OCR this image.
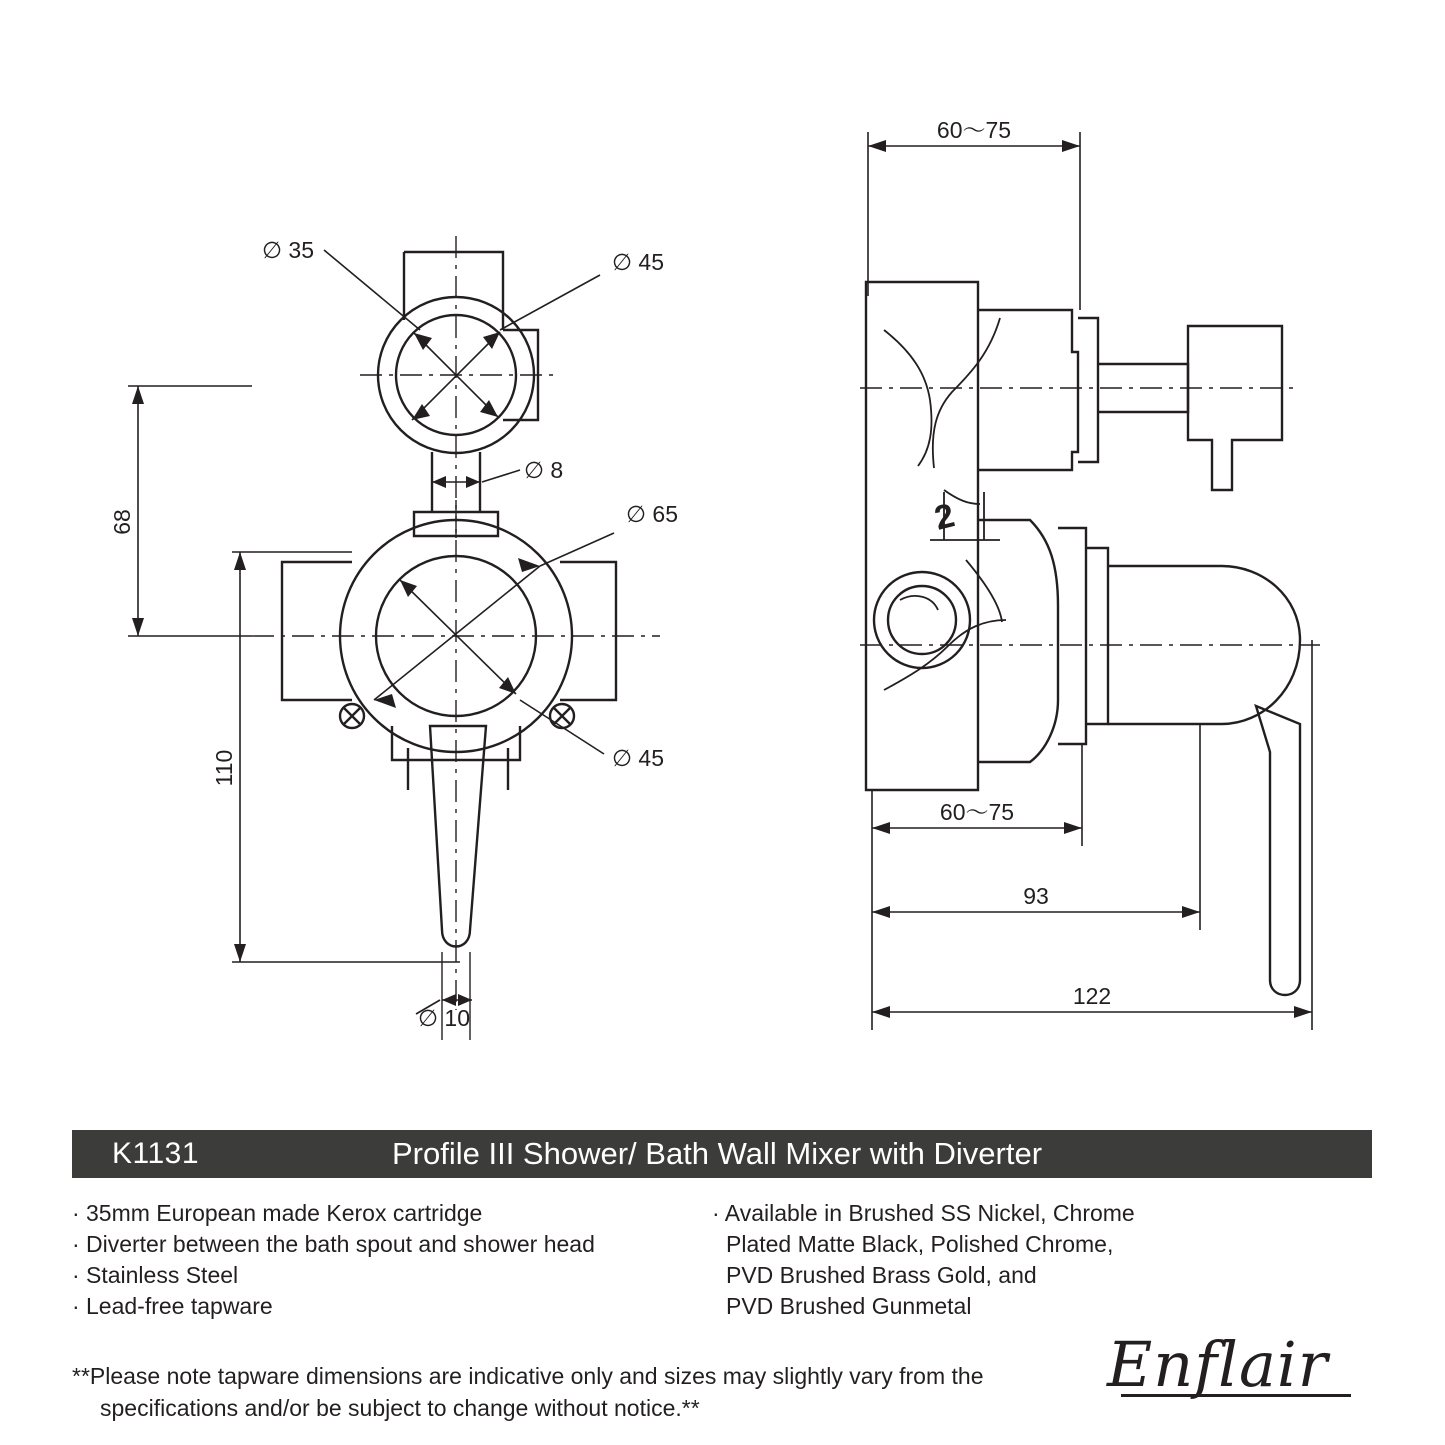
2
∅ 35	∅ 45
∅ 8
∅ 65
∅ 45
∅ 10
68
110
60～75
60～75
93
122
K1131	Profile III Shower/ Bath Wall Mixer with Diverter
· 35mm European made Kerox cartridge
· Diverter between the bath spout and shower head
· Stainless Steel
· Lead-free tapware
· Available in Brushed SS Nickel, Chrome
Plated Matte Black, Polished Chrome,
PVD Brushed Brass Gold, and
PVD Brushed Gunmetal
**Please note tapware dimensions are indicative only and sizes may slightly vary from the
specifications and/or be subject to change without notice.**
Enflair
